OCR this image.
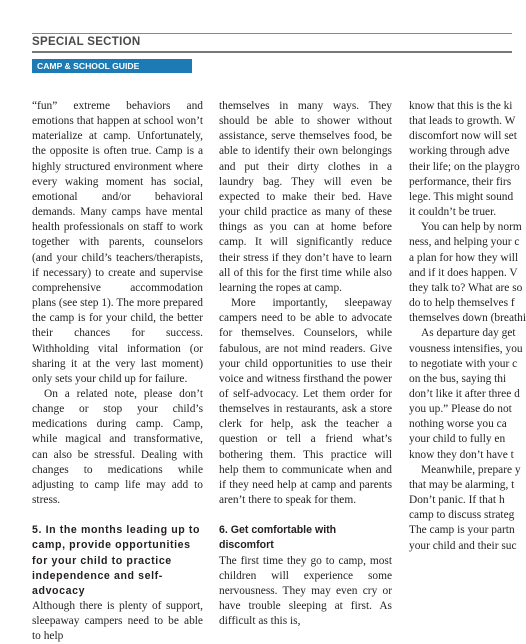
SPECIAL SECTION
CAMP & SCHOOL GUIDE

“fun” extreme behaviors and emotions that happen at school won’t materialize at camp. Unfortunately, the opposite is often true. Camp is a highly structured environment where every waking moment has social, emotional and/or behavioral demands. Many camps have mental health professionals on staff to work together with parents, counselors (and your child’s teachers/therapists, if necessary) to create and supervise comprehensive accommodation plans (see step 1). The more prepared the camp is for your child, the better their chances for success. Withholding vital information (or sharing it at the very last moment) only sets your child up for failure.

On a related note, please don’t change or stop your child’s medications during camp. Camp, while magical and transformative, can also be stressful. Dealing with changes to medications while adjusting to camp life may add to stress.

5. In the months leading up to camp, provide opportunities for your child to practice independence and self-advocacy

Although there is plenty of support, sleepaway campers need to be able to help

themselves in many ways. They should be able to shower without assistance, serve themselves food, be able to identify their own belongings and put their dirty clothes in a laundry bag. They will even be expected to make their bed. Have your child practice as many of these things as you can at home before camp. It will significantly reduce their stress if they don’t have to learn all of this for the first time while also learning the ropes at camp.

More importantly, sleepaway campers need to be able to advocate for themselves. Counselors, while fabulous, are not mind readers. Give your child opportunities to use their voice and witness firsthand the power of self-advocacy. Let them order for themselves in restaurants, ask a store clerk for help, ask the teacher a question or tell a friend what’s bothering them. This practice will help them to communicate when and if they need help at camp and parents aren’t there to speak for them.

6. Get comfortable with discomfort

The first time they go to camp, most children will experience some nervousness. They may even cry or have trouble sleeping at first. As difficult as this is,

know that this is the ki
that leads to growth. W
discomfort now will set
working through adve
their life; on the playgro
performance, their firs
lege. This might sound
it couldn’t be truer.
You can help by norm
ness, and helping your c
a plan for how they will
and if it does happen. V
they talk to? What are so
do to help themselves f
themselves down (breathi
As departure day get
vousness intensifies, you
to negotiate with your c
on the bus, saying thi
don’t like it after three d
you up.” Please do not
nothing worse you ca
your child to fully en
know they don’t have t
Meanwhile, prepare y
that may be alarming, t
Don’t panic. If that h
camp to discuss strateg
The camp is your partn
your child and their suc
